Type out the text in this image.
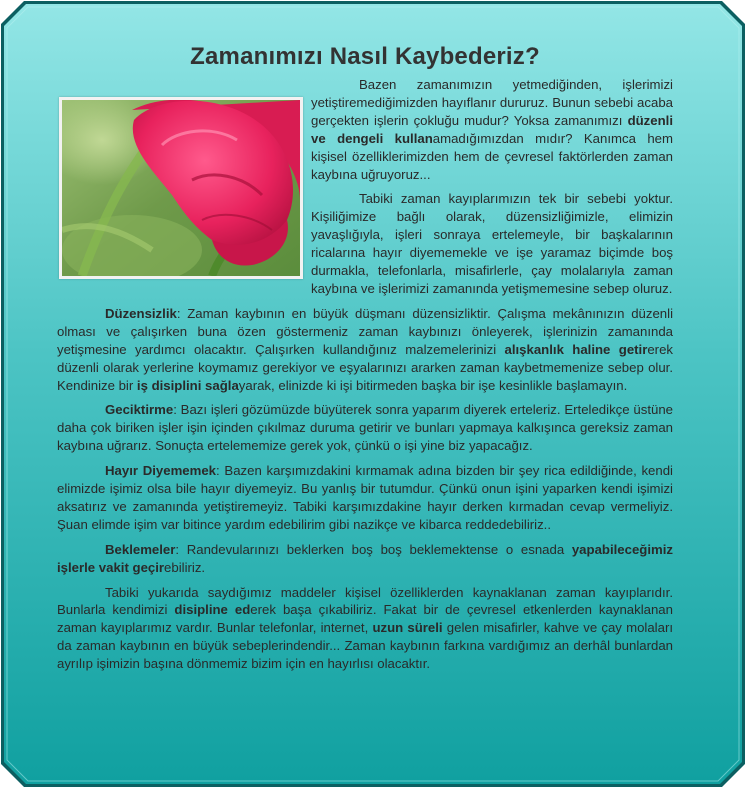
Zamanımızı Nasıl Kaybederiz?

Bazen zamanımızın yetmediğinden, işlerimizi yetiştiremediğimizden hayıflanır dururuz. Bunun sebebi acaba gerçekten işlerin çokluğu mudur? Yoksa zamanımızı düzenli ve dengeli kullanamadığımızdan mıdır? Kanımca hem kişisel özelliklerimizden hem de çevresel faktörlerden zaman kaybına uğruyoruz...

Tabiki zaman kayıplarımızın tek bir sebebi yoktur. Kişiliğimize bağlı olarak, düzensizliğimizle, elimizin yavaşlığıyla, işleri sonraya ertelemeyle, bir başkalarının ricalarına hayır diyememekle ve işe yaramaz biçimde boş durmakla, telefonlarla, misafirlerle, çay molalarıyla zaman kaybına ve işlerimizi zamanında yetişmemesine sebep oluruz.

Düzensizlik: Zaman kaybının en büyük düşmanı düzensizliktir. Çalışma mekânınızın düzenli olması ve çalışırken buna özen göstermeniz zaman kaybınızı önleyerek, işlerinizin zamanında yetişmesine yardımcı olacaktır. Çalışırken kullandığınız malzemelerinizi alışkanlık haline getirerek düzenli olarak yerlerine koymamız gerekiyor ve eşyalarınızı ararken zaman kaybetmemenize sebep olur. Kendinize bir iş disiplini sağlayarak, elinizde ki işi bitirmeden başka bir işe kesinlikle başlamayın.

Geciktirme: Bazı işleri gözümüzde büyüterek sonra yaparım diyerek erteleriz. Erteledikçe üstüne daha çok biriken işler işin içinden çıkılmaz duruma getirir ve bunları yapmaya kalkışınca gereksiz zaman kaybına uğrarız. Sonuçta ertelememize gerek yok, çünkü o işi yine biz yapacağız.

Hayır Diyememek: Bazen karşımızdakini kırmamak adına bizden bir şey rica edildiğinde, kendi elimizde işimiz olsa bile hayır diyemeyiz. Bu yanlış bir tutumdur. Çünkü onun işini yaparken kendi işimizi aksatırız ve zamanında yetiştiremeyiz. Tabiki karşımızdakine hayır derken kırmadan cevap vermeliyiz. Şuan elimde işim var bitince yardım edebilirim gibi nazikçe ve kibarca reddedebiliriz..

Beklemeler: Randevularınızı beklerken boş boş beklemektense o esnada yapabileceğimiz işlerle vakit geçirebiliriz.

Tabiki yukarıda saydığımız maddeler kişisel özelliklerden kaynaklanan zaman kayıplarıdır. Bunlarla kendimizi disipline ederek başa çıkabiliriz. Fakat bir de çevresel etkenlerden kaynaklanan zaman kayıplarımız vardır. Bunlar telefonlar, internet, uzun süreli gelen misafirler, kahve ve çay molaları da zaman kaybının en büyük sebeplerindendir... Zaman kaybının farkına vardığımız an derhâl bunlardan ayrılıp işimizin başına dönmemiz bizim için en hayırlısı olacaktır.
